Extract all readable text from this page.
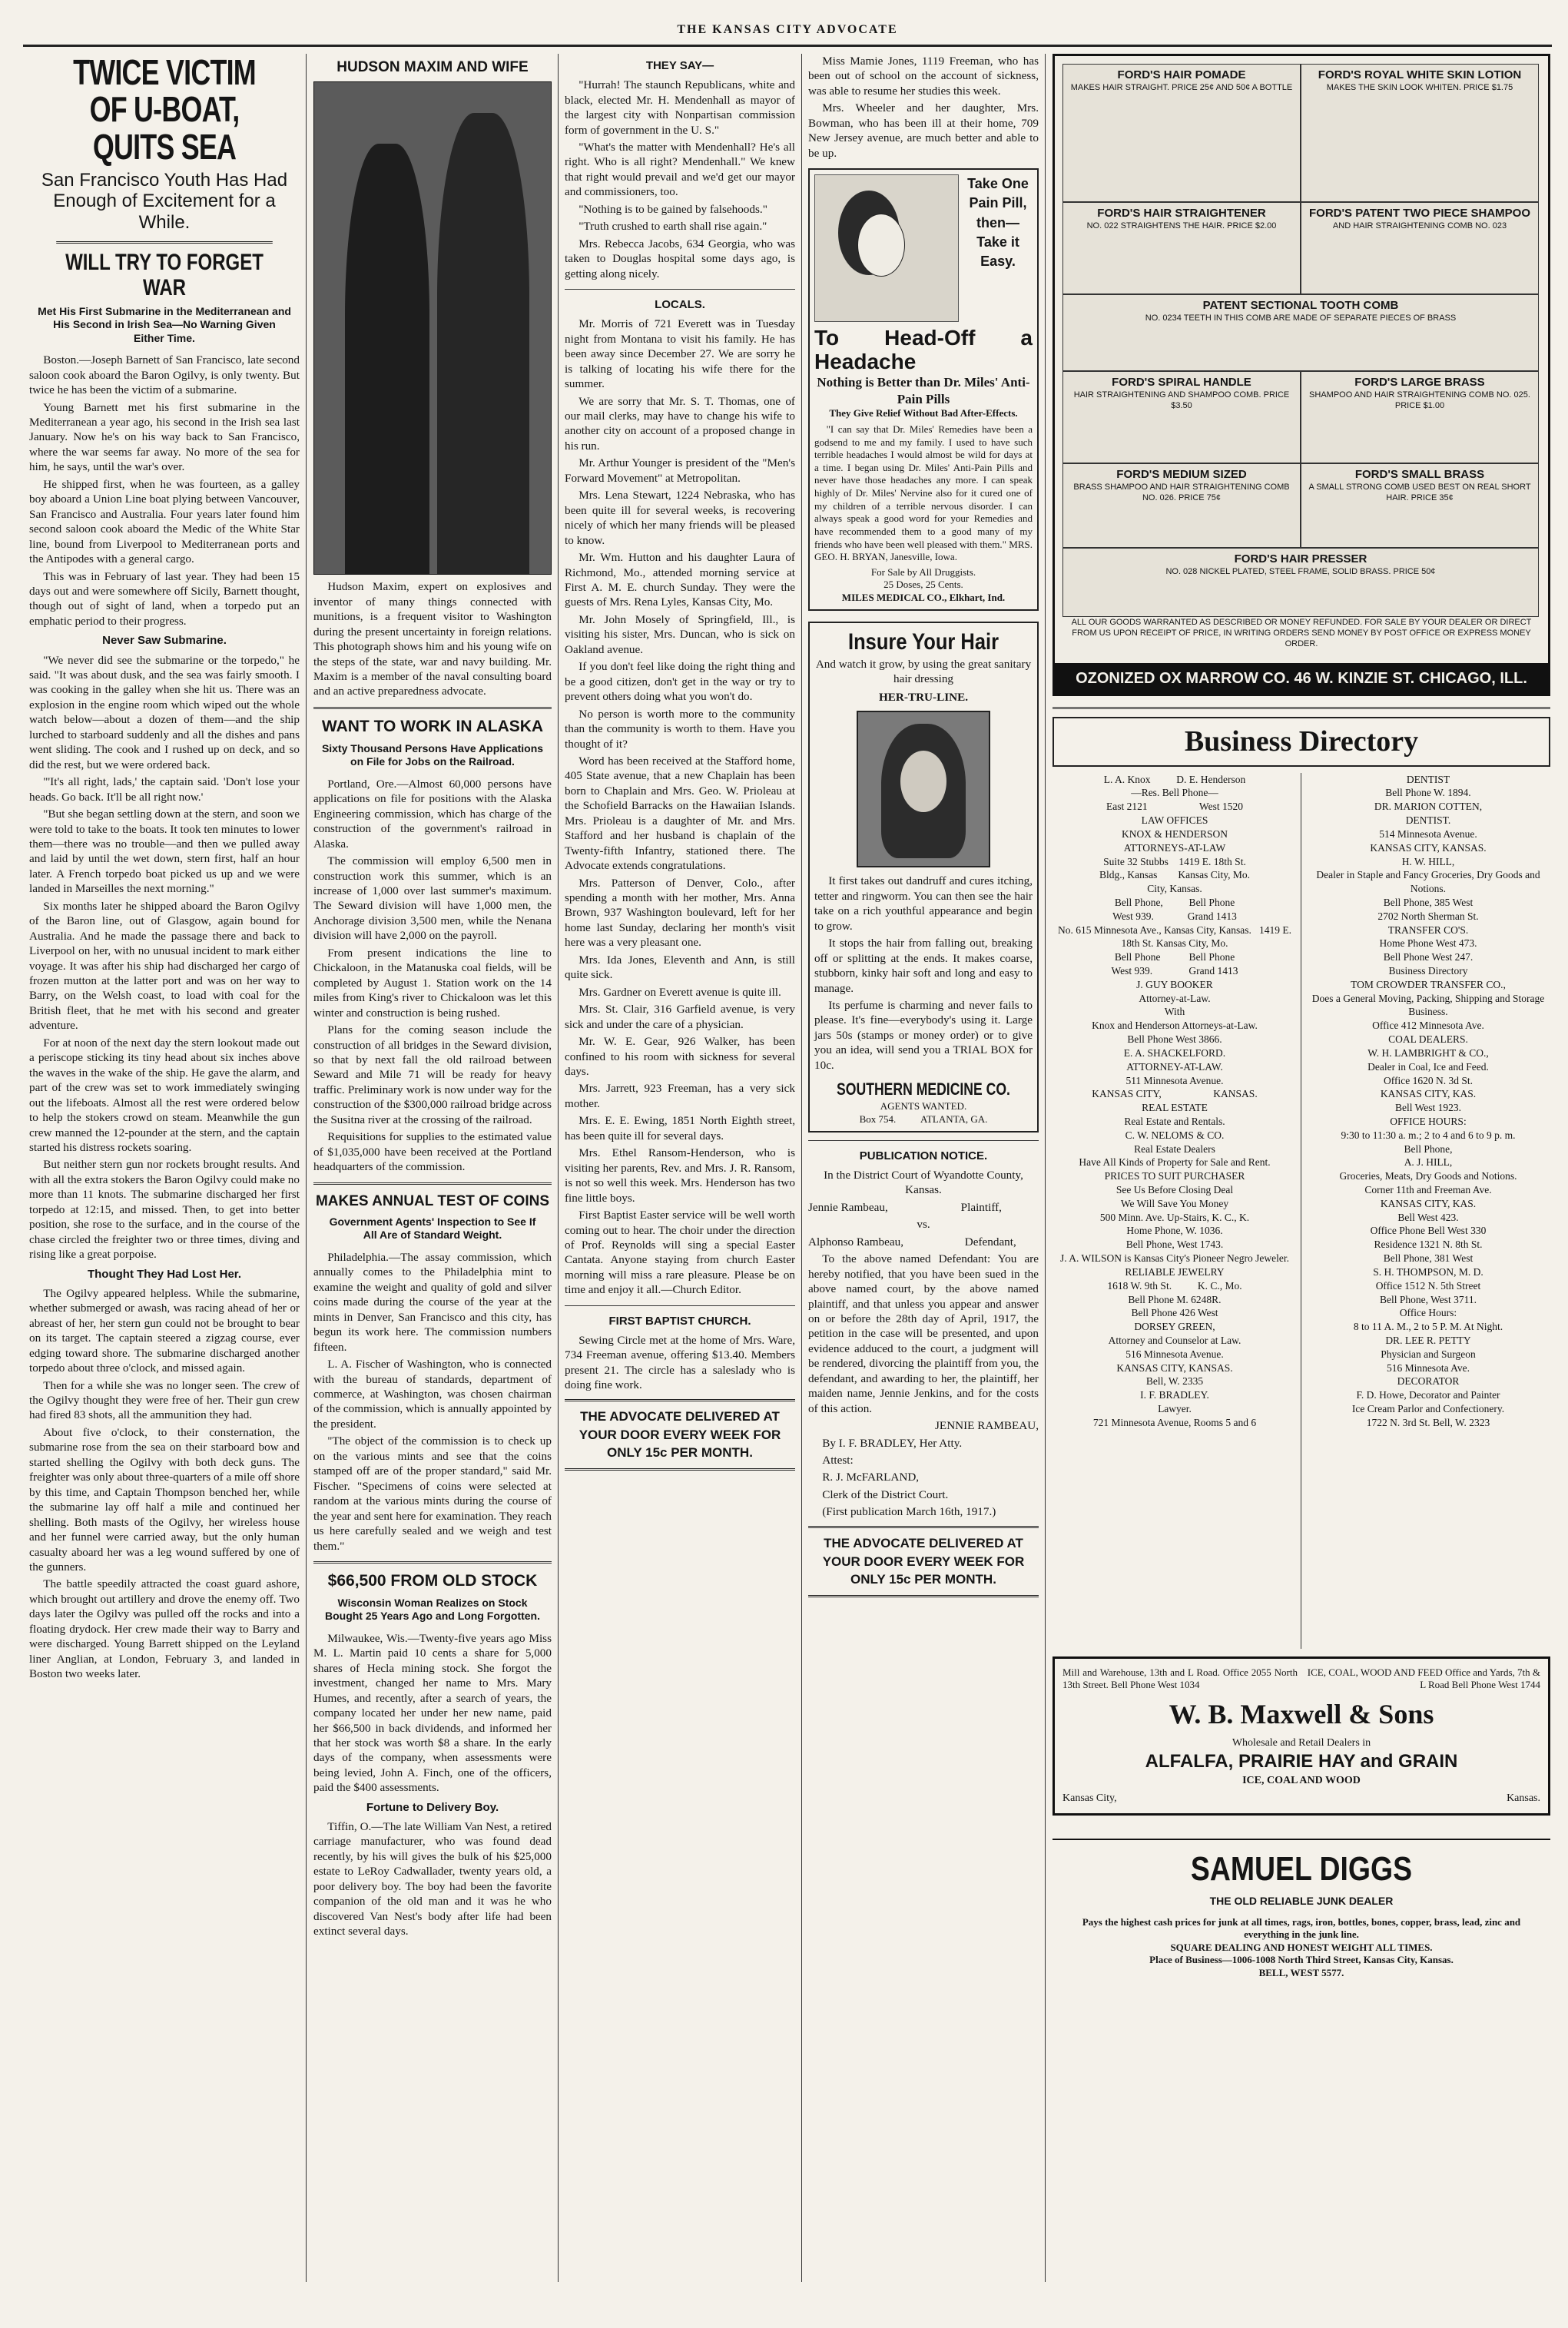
THE KANSAS CITY ADVOCATE
TWICE VICTIM OF U-BOAT, QUITS SEA
San Francisco Youth Has Had Enough of Excitement for a While.
WILL TRY TO FORGET WAR
Met His First Submarine in the Mediterranean and His Second in Irish Sea—No Warning Given Either Time.

Boston.—Joseph Barnett of San Francisco, late second saloon cook aboard the Baron Ogilvy, is only twenty. But twice he has been the victim of a submarine.

Young Barnett met his first submarine in the Mediterranean a year ago, his second in the Irish sea last January. Now he's on his way back to San Francisco, where the war seems far away. No more of the sea for him, he says, until the war's over.

He shipped first, when he was fourteen, as a galley boy aboard a Union Line boat plying between Vancouver, San Francisco and Australia. Four years later found him second saloon cook aboard the Medic of the White Star line, bound from Liverpool to Mediterranean ports and the Antipodes with a general cargo.

This was in February of last year. They had been 15 days out and were somewhere off Sicily, Barnett thought, though out of sight of land, when a torpedo put an emphatic period to their progress.

Never Saw Submarine.

"We never did see the submarine or the torpedo," he said. "It was about dusk, and the sea was fairly smooth. I was cooking in the galley when she hit us. There was an explosion in the engine room which wiped out the whole watch below—about a dozen of them—and the ship lurched to starboard suddenly and all the dishes and pans went sliding. The cook and I rushed up on deck, and so did the rest, but we were ordered back.

"'It's all right, lads,' the captain said. 'Don't lose your heads. Go back. It'll be all right now.'

"But she began settling down at the stern, and soon we were told to take to the boats. It took ten minutes to lower them—there was no trouble—and then we pulled away and laid by until the wet down, stern first, half an hour later. A French torpedo boat picked us up and we were landed in Marseilles the next morning."

Six months later he shipped aboard the Baron Ogilvy of the Baron line, out of Glasgow, again bound for Australia. And he made the passage there and back to Liverpool on her, with no unusual incident to mark either voyage. It was after his ship had discharged her cargo of frozen mutton at the latter port and was on her way to Barry, on the Welsh coast, to load with coal for the British fleet, that he met with his second and greater adventure.

For at noon of the next day the stern lookout made out a periscope sticking its tiny head about six inches above the waves in the wake of the ship. He gave the alarm, and part of the crew was set to work immediately swinging out the lifeboats. Almost all the rest were ordered below to help the stokers crowd on steam. Meanwhile the gun crew manned the 12-pounder at the stern, and the captain started his distress rockets soaring.

But neither stern gun nor rockets brought results. And with all the extra stokers the Baron Ogilvy could make no more than 11 knots. The submarine discharged her first torpedo at 12:15, and missed. Then, to get into better position, she rose to the surface, and in the course of the chase circled the freighter two or three times, diving and rising like a great porpoise.

Thought They Had Lost Her.

The Ogilvy appeared helpless. While the submarine, whether submerged or awash, was racing ahead of her or abreast of her, her stern gun could not be brought to bear on its target. The captain steered a zigzag course, ever edging toward shore. The submarine discharged another torpedo about three o'clock, and missed again.

Then for a while she was no longer seen. The crew of the Ogilvy thought they were free of her. Their gun crew had fired 83 shots, all the ammunition they had.

About five o'clock, to their consternation, the submarine rose from the sea on their starboard bow and started shelling the Ogilvy with both deck guns. The freighter was only about three-quarters of a mile off shore by this time, and Captain Thompson benched her, while the submarine lay off half a mile and continued her shelling. Both masts of the Ogilvy, her wireless house and her funnel were carried away, but the only human casualty aboard her was a leg wound suffered by one of the gunners.

The battle speedily attracted the coast guard ashore, which brought out artillery and drove the enemy off. Two days later the Ogilvy was pulled off the rocks and into a floating drydock. Her crew made their way to Barry and were discharged. Young Barrett shipped on the Leyland liner Anglian, at London, February 3, and landed in Boston two weeks later.

HUDSON MAXIM AND WIFE

Hudson Maxim, expert on explosives and inventor of many things connected with munitions, is a frequent visitor to Washington during the present uncertainty in foreign relations. This photograph shows him and his young wife on the steps of the state, war and navy building. Mr. Maxim is a member of the naval consulting board and an active preparedness advocate.

WANT TO WORK IN ALASKA
Sixty Thousand Persons Have Applications on File for Jobs on the Railroad.

Portland, Ore.—Almost 60,000 persons have applications on file for positions with the Alaska Engineering commission, which has charge of the construction of the government's railroad in Alaska.

The commission will employ 6,500 men in construction work this summer, which is an increase of 1,000 over last summer's maximum. The Seward division will have 1,000 men, the Anchorage division 3,500 men, while the Nenana division will have 2,000 on the payroll.

From present indications the line to Chickaloon, in the Matanuska coal fields, will be completed by August 1. Station work on the 14 miles from King's river to Chickaloon was let this winter and construction is being rushed.

Plans for the coming season include the construction of all bridges in the Seward division, so that by next fall the old railroad between Seward and Mile 71 will be ready for heavy traffic. Preliminary work is now under way for the construction of the $300,000 railroad bridge across the Susitna river at the crossing of the railroad.

Requisitions for supplies to the estimated value of $1,035,000 have been received at the Portland headquarters of the commission.

MAKES ANNUAL TEST OF COINS
Government Agents' Inspection to See If All Are of Standard Weight.

Philadelphia.—The assay commission, which annually comes to the Philadelphia mint to examine the weight and quality of gold and silver coins made during the course of the year at the mints in Denver, San Francisco and this city, has begun its work here. The commission numbers fifteen.

L. A. Fischer of Washington, who is connected with the bureau of standards, department of commerce, at Washington, was chosen chairman of the commission, which is annually appointed by the president.

"The object of the commission is to check up on the various mints and see that the coins stamped off are of the proper standard," said Mr. Fischer. "Specimens of coins were selected at random at the various mints during the course of the year and sent here for examination. They reach us here carefully sealed and we weigh and test them."

$66,500 FROM OLD STOCK
Wisconsin Woman Realizes on Stock Bought 25 Years Ago and Long Forgotten.

Milwaukee, Wis.—Twenty-five years ago Miss M. L. Martin paid 10 cents a share for 5,000 shares of Hecla mining stock. She forgot the investment, changed her name to Mrs. Mary Humes, and recently, after a search of years, the company located her under her new name, paid her $66,500 in back dividends, and informed her that her stock was worth $8 a share. In the early days of the company, when assessments were being levied, John A. Finch, one of the officers, paid the $400 assessments.

Fortune to Delivery Boy.

Tiffin, O.—The late William Van Nest, a retired carriage manufacturer, who was found dead recently, by his will gives the bulk of his $25,000 estate to LeRoy Cadwallader, twenty years old, a poor delivery boy. The boy had been the favorite companion of the old man and it was he who discovered Van Nest's body after life had been extinct several days.

THEY SAY—

"Hurrah! The staunch Republicans, white and black, elected Mr. H. Mendenhall as mayor of the largest city with Nonpartisan commission form of government in the U. S."

"What's the matter with Mendenhall? He's all right. Who is all right? Mendenhall." We knew that right would prevail and we'd get our mayor and commissioners, too.

"Nothing is to be gained by falsehoods."

"Truth crushed to earth shall rise again."

Mrs. Rebecca Jacobs, 634 Georgia, who was taken to Douglas hospital some days ago, is getting along nicely.

LOCALS.

Mr. Morris of 721 Everett was in Tuesday night from Montana to visit his family. He has been away since December 27. We are sorry he is talking of locating his wife there for the summer.

We are sorry that Mr. S. T. Thomas, one of our mail clerks, may have to change his wife to another city on account of a proposed change in his run.

Mr. Arthur Younger is president of the "Men's Forward Movement" at Metropolitan.

Mrs. Lena Stewart, 1224 Nebraska, who has been quite ill for several weeks, is recovering nicely of which her many friends will be pleased to know.

Mr. Wm. Hutton and his daughter Laura of Richmond, Mo., attended morning service at First A. M. E. church Sunday. They were the guests of Mrs. Rena Lyles, Kansas City, Mo.

Mr. John Mosely of Springfield, Ill., is visiting his sister, Mrs. Duncan, who is sick on Oakland avenue.

If you don't feel like doing the right thing and be a good citizen, don't get in the way or try to prevent others doing what you won't do.

No person is worth more to the community than the community is worth to them. Have you thought of it?

Word has been received at the Stafford home, 405 State avenue, that a new Chaplain has been born to Chaplain and Mrs. Geo. W. Prioleau at the Schofield Barracks on the Hawaiian Islands. Mrs. Prioleau is a daughter of Mr. and Mrs. Stafford and her husband is chaplain of the Twenty-fifth Infantry, stationed there. The Advocate extends congratulations.

Mrs. Patterson of Denver, Colo., after spending a month with her mother, Mrs. Anna Brown, 937 Washington boulevard, left for her home last Sunday, declaring her month's visit here was a very pleasant one.

Mrs. Ida Jones, Eleventh and Ann, is still quite sick.

Mrs. Gardner on Everett avenue is quite ill.

Mrs. St. Clair, 316 Garfield avenue, is very sick and under the care of a physician.

Mr. W. E. Gear, 926 Walker, has been confined to his room with sickness for several days.

Mrs. Jarrett, 923 Freeman, has a very sick mother.

Mrs. E. E. Ewing, 1851 North Eighth street, has been quite ill for several days.

Mrs. Ethel Ransom-Henderson, who is visiting her parents, Rev. and Mrs. J. R. Ransom, is not so well this week. Mrs. Henderson has two fine little boys.

First Baptist Easter service will be well worth coming out to hear. The choir under the direction of Prof. Reynolds will sing a special Easter Cantata. Anyone staying from church Easter morning will miss a rare pleasure. Please be on time and enjoy it all.—Church Editor.

FIRST BAPTIST CHURCH.

Sewing Circle met at the home of Mrs. Ware, 734 Freeman avenue, offering $13.40. Members present 21. The circle has a saleslady who is doing fine work.

THE ADVOCATE DELIVERED AT YOUR DOOR EVERY WEEK FOR ONLY 15c PER MONTH.

Miss Mamie Jones, 1119 Freeman, who has been out of school on the account of sickness, was able to resume her studies this week.

Mrs. Wheeler and her daughter, Mrs. Bowman, who has been ill at their home, 709 New Jersey avenue, are much better and able to be up.

Take One Pain Pill, then— Take it Easy.
To Head-Off a Headache
Nothing is Better than Dr. Miles' Anti-Pain Pills
They Give Relief Without Bad After-Effects.

"I can say that Dr. Miles' Remedies have been a godsend to me and my family. I used to have such terrible headaches I would almost be wild for days at a time. I began using Dr. Miles' Anti-Pain Pills and never have those headaches any more. I can speak highly of Dr. Miles' Nervine also for it cured one of my children of a terrible nervous disorder. I can always speak a good word for your Remedies and have recommended them to a good many of my friends who have been well pleased with them." MRS. GEO. H. BRYAN, Janesville, Iowa.

For Sale by All Druggists.
25 Doses, 25 Cents.
MILES MEDICAL CO., Elkhart, Ind.
Insure Your Hair

And watch it grow, by using the great sanitary hair dressing

HER-TRU-LINE.

It first takes out dandruff and cures itching, tetter and ringworm. You can then see the hair take on a rich youthful appearance and begin to grow.

It stops the hair from falling out, breaking off or splitting at the ends. It makes coarse, stubborn, kinky hair soft and long and easy to manage.

Its perfume is charming and never fails to please. It's fine—everybody's using it. Large jars 50s (stamps or money order) or to give you an idea, will send you a TRIAL BOX for 10c.

SOUTHERN MEDICINE CO.
AGENTS WANTED.
Box 754.          ATLANTA, GA.
PUBLICATION NOTICE.

In the District Court of Wyandotte County, Kansas.

Jennie Rambeau,                         Plaintiff,

vs.

Alphonso Rambeau,                     Defendant,

To the above named Defendant: You are hereby notified, that you have been sued in the above named court, by the above named plaintiff, and that unless you appear and answer on or before the 28th day of April, 1917, the petition in the case will be presented, and upon evidence adduced to the court, a judgment will be rendered, divorcing the plaintiff from you, the defendant, and awarding to her, the plaintiff, her maiden name, Jennie Jenkins, and for the costs of this action.

JENNIE RAMBEAU,

By I. F. BRADLEY, Her Atty.

Attest:

R. J. McFARLAND,

Clerk of the District Court.

(First publication March 16th, 1917.)

THE ADVOCATE DELIVERED AT YOUR DOOR EVERY WEEK FOR ONLY 15c PER MONTH.
FORD'S HAIR POMADE
MAKES HAIR STRAIGHT. PRICE 25¢ AND 50¢ A BOTTLE
FORD'S ROYAL WHITE SKIN LOTION
MAKES THE SKIN LOOK WHITEN. PRICE $1.75
FORD'S HAIR STRAIGHTENER
NO. 022 STRAIGHTENS THE HAIR. PRICE $2.00
FORD'S PATENT TWO PIECE SHAMPOO
AND HAIR STRAIGHTENING COMB NO. 023
PATENT SECTIONAL TOOTH COMB
NO. 0234 TEETH IN THIS COMB ARE MADE OF SEPARATE PIECES OF BRASS
FORD'S SPIRAL HANDLE
HAIR STRAIGHTENING AND SHAMPOO COMB. PRICE $3.50
FORD'S LARGE BRASS
SHAMPOO AND HAIR STRAIGHTENING COMB NO. 025. PRICE $1.00
FORD'S MEDIUM SIZED
BRASS SHAMPOO AND HAIR STRAIGHTENING COMB NO. 026. PRICE 75¢
FORD'S SMALL BRASS
A SMALL STRONG COMB USED BEST ON REAL SHORT HAIR. PRICE 35¢
FORD'S HAIR PRESSER
NO. 028 NICKEL PLATED, STEEL FRAME, SOLID BRASS. PRICE 50¢
ALL OUR GOODS WARRANTED AS DESCRIBED OR MONEY REFUNDED. FOR SALE BY YOUR DEALER OR DIRECT FROM US UPON RECEIPT OF PRICE, IN WRITING ORDERS SEND MONEY BY POST OFFICE OR EXPRESS MONEY ORDER.
OZONIZED OX MARROW CO. 46 W. KINZIE ST. CHICAGO, ILL.
Business Directory

L. A. Knox          D. E. Henderson

—Res. Bell Phone—

East 2121                    West 1520

LAW OFFICES

KNOX & HENDERSON

ATTORNEYS-AT-LAW

Suite 32 Stubbs    1419 E. 18th St.

Bldg., Kansas        Kansas City, Mo.

City, Kansas.

Bell Phone,          Bell Phone

West 939.             Grand 1413

No. 615 Minnesota Ave., Kansas City, Kansas.   1419 E. 18th St. Kansas City, Mo.

Bell Phone           Bell Phone

West 939.              Grand 1413

J. GUY BOOKER

Attorney-at-Law.

With

Knox and Henderson Attorneys-at-Law.

Bell Phone West 3866.

E. A. SHACKELFORD.

ATTORNEY-AT-LAW.

511 Minnesota Avenue.

KANSAS CITY,                    KANSAS.

REAL ESTATE

Real Estate and Rentals.

C. W. NELOMS & CO.

Real Estate Dealers

Have All Kinds of Property for Sale and Rent.

PRICES TO SUIT PURCHASER

See Us Before Closing Deal

We Will Save You Money

500 Minn. Ave. Up-Stairs, K. C., K.

Home Phone, W. 1036.

Bell Phone, West 1743.

J. A. WILSON is Kansas City's Pioneer Negro Jeweler.

RELIABLE JEWELRY

1618 W. 9th St.          K. C., Mo.

Bell Phone M. 6248R.

Bell Phone 426 West

DORSEY GREEN,

Attorney and Counselor at Law.

516 Minnesota Avenue.

KANSAS CITY, KANSAS.

Bell, W. 2335

I. F. BRADLEY.

Lawyer.

721 Minnesota Avenue, Rooms 5 and 6

DENTIST

Bell Phone W. 1894.

DR. MARION COTTEN,

DENTIST.

514 Minnesota Avenue.

KANSAS CITY, KANSAS.

H. W. HILL,

Dealer in Staple and Fancy Groceries, Dry Goods and Notions.

Bell Phone, 385 West

2702 North Sherman St.

TRANSFER CO'S.

Home Phone West 473.

Bell Phone West 247.

Business Directory

TOM CROWDER TRANSFER CO.,

Does a General Moving, Packing, Shipping and Storage Business.

Office 412 Minnesota Ave.

COAL DEALERS.

W. H. LAMBRIGHT & CO.,

Dealer in Coal, Ice and Feed.

Office 1620 N. 3d St.

KANSAS CITY, KAS.

Bell West 1923.

OFFICE HOURS:

9:30 to 11:30 a. m.; 2 to 4 and 6 to 9 p. m.

Bell Phone,

A. J. HILL,

Groceries, Meats, Dry Goods and Notions.

Corner 11th and Freeman Ave.

KANSAS CITY, KAS.

Bell West 423.

Office Phone Bell West 330

Residence 1321 N. 8th St.

Bell Phone, 381 West

S. H. THOMPSON, M. D.

Office 1512 N. 5th Street

Bell Phone, West 3711.

Office Hours:

8 to 11 A. M., 2 to 5 P. M. At Night.

DR. LEE R. PETTY

Physician and Surgeon

516 Minnesota Ave.

DECORATOR

F. D. Howe, Decorator and Painter

Ice Cream Parlor and Confectionery.

1722 N. 3rd St. Bell, W. 2323

Mill and Warehouse, 13th and L Road. Office 2055 North 13th Street. Bell Phone West 1034
ICE, COAL, WOOD AND FEED Office and Yards, 7th & L Road Bell Phone West 1744
W. B. Maxwell & Sons
Wholesale and Retail Dealers in
ALFALFA, PRAIRIE HAY and GRAIN
ICE, COAL AND WOOD
Kansas City,	Kansas.
SAMUEL DIGGS
THE OLD RELIABLE JUNK DEALER
Pays the highest cash prices for junk at all times, rags, iron, bottles, bones, copper, brass, lead, zinc and everything in the junk line.
SQUARE DEALING AND HONEST WEIGHT ALL TIMES.
Place of Business—1006-1008 North Third Street, Kansas City, Kansas.
BELL, WEST 5577.
